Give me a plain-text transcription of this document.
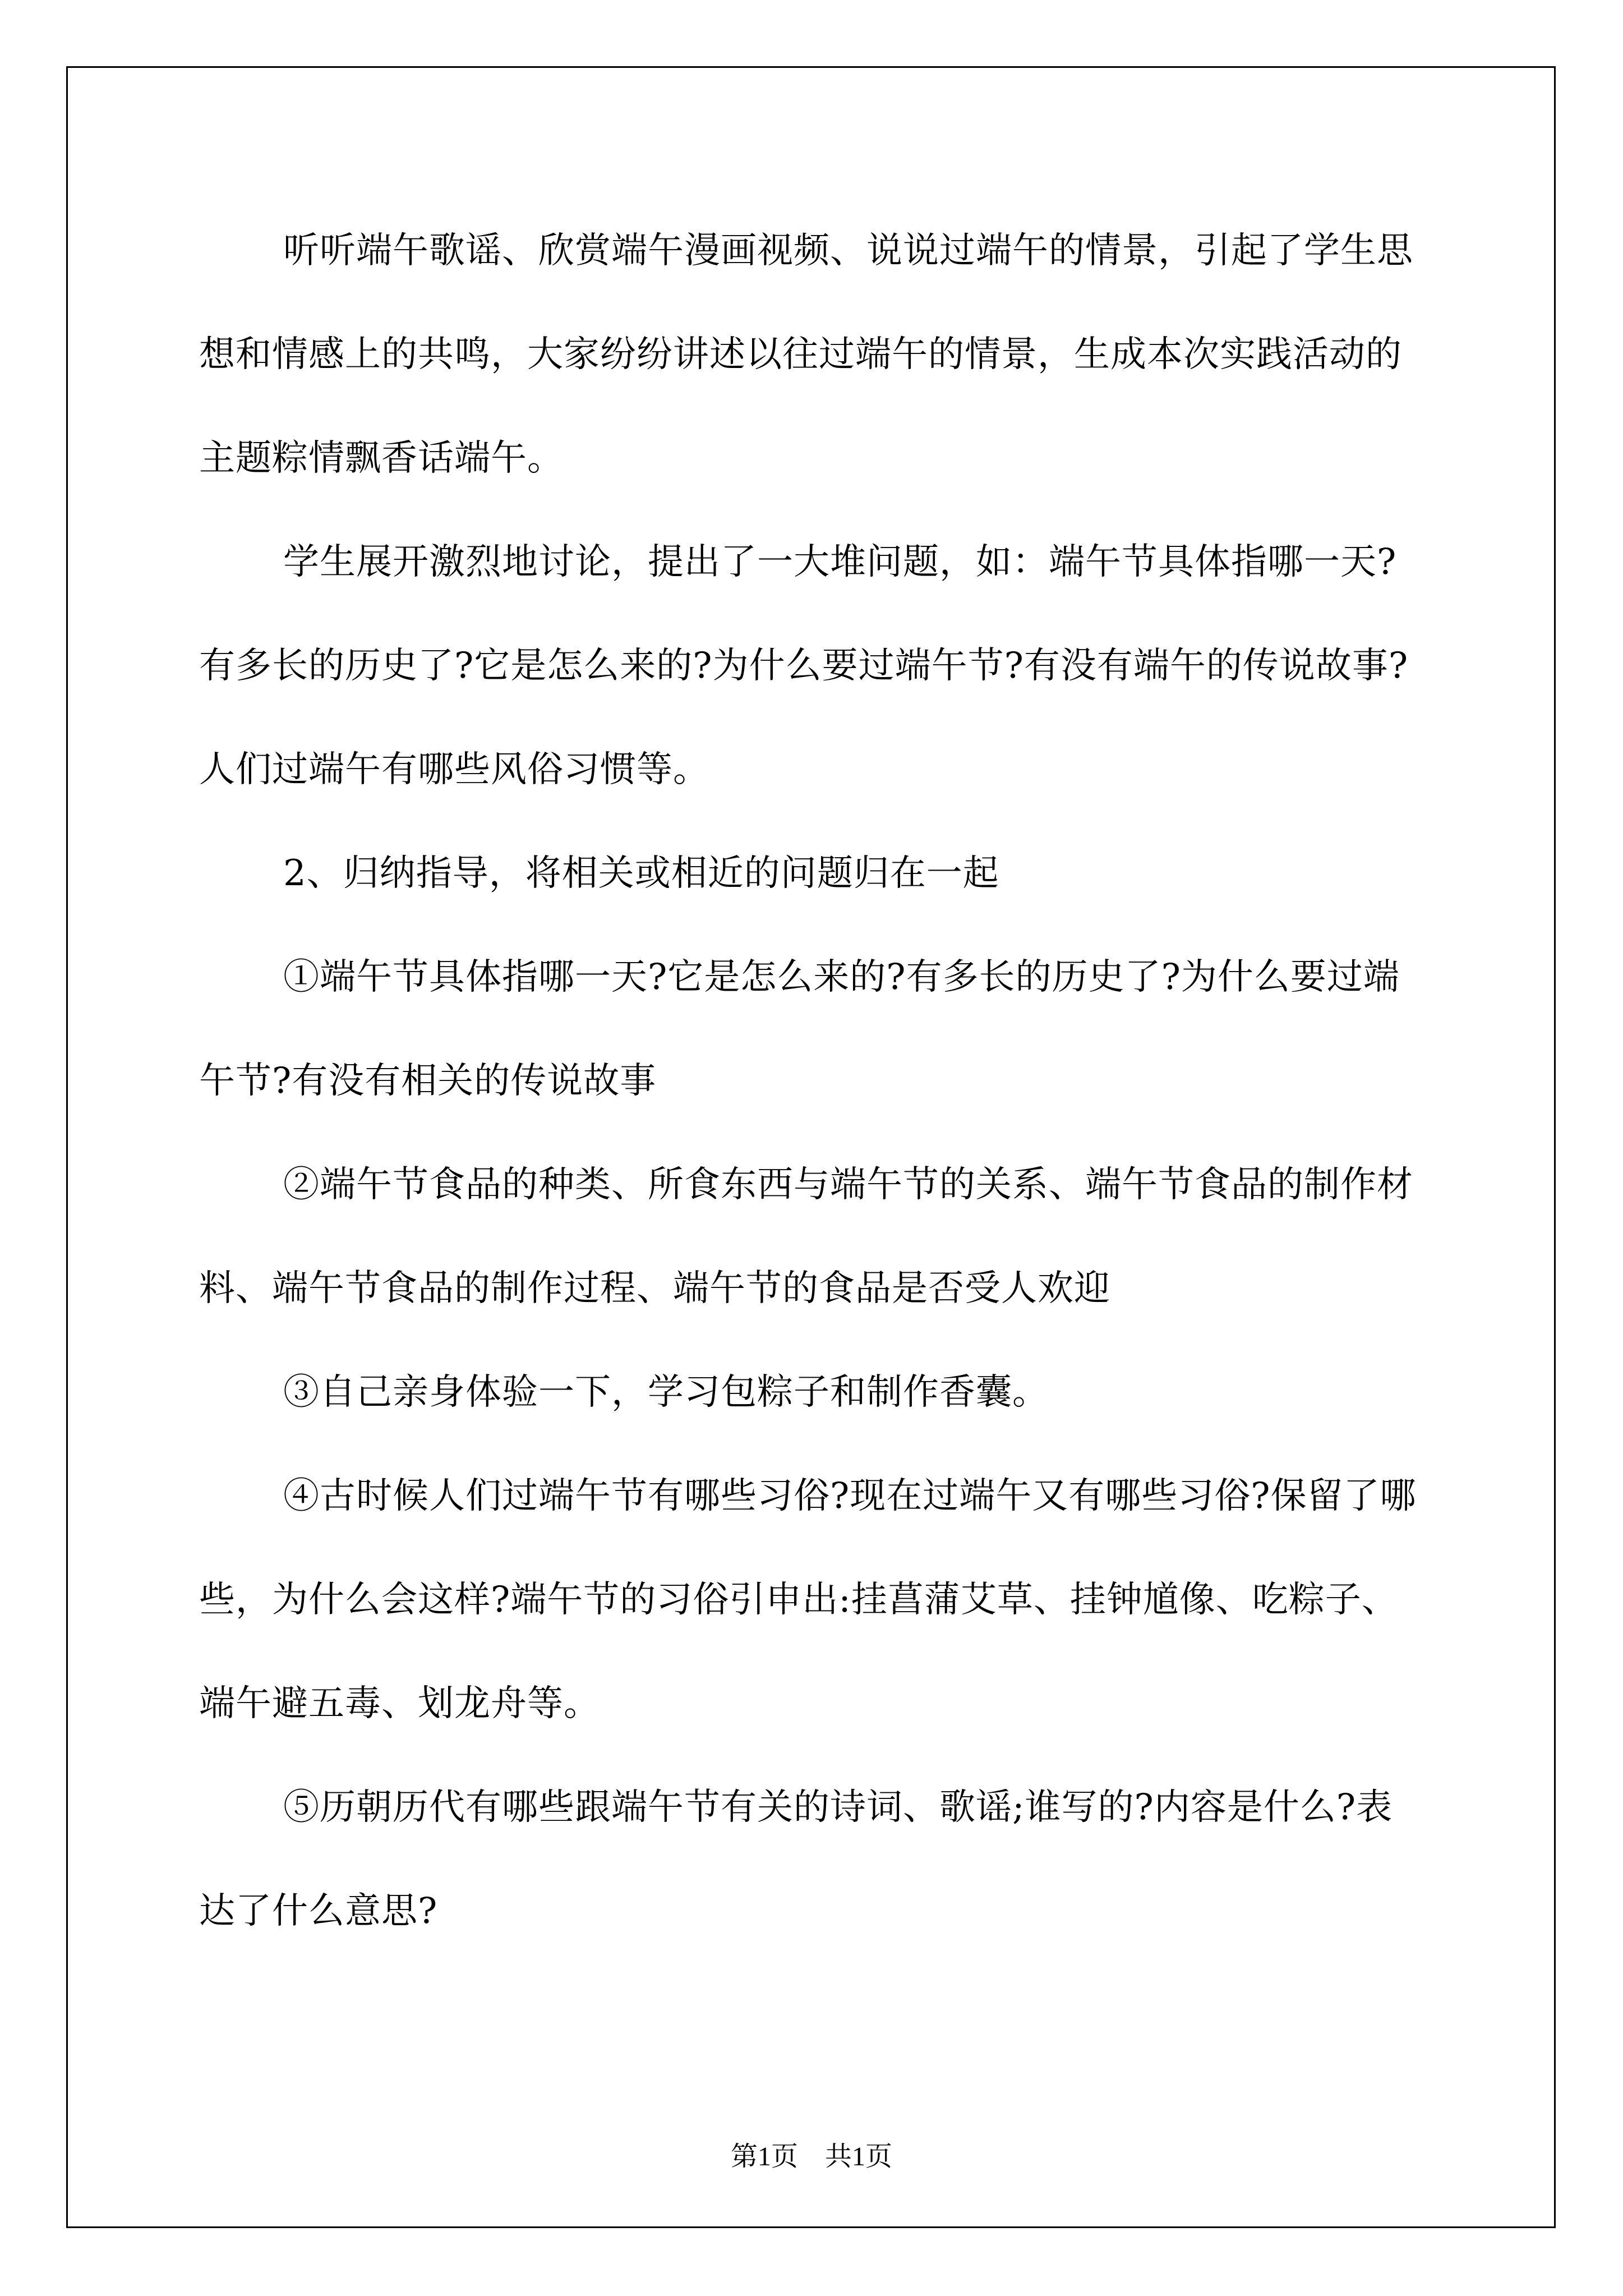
听听端午歌谣、欣赏端午漫画视频、说说过端午的情景，引起了学生思想和情感上的共鸣，大家纷纷讲述以往过端午的情景，生成本次实践活动的主题粽情飘香话端午。

学生展开激烈地讨论，提出了一大堆问题，如：端午节具体指哪一天?有多长的历史了?它是怎么来的?为什么要过端午节?有没有端午的传说故事?人们过端午有哪些风俗习惯等。

2、归纳指导，将相关或相近的问题归在一起

①端午节具体指哪一天?它是怎么来的?有多长的历史了?为什么要过端午节?有没有相关的传说故事

②端午节食品的种类、所食东西与端午节的关系、端午节食品的制作材料、端午节食品的制作过程、端午节的食品是否受人欢迎

③自己亲身体验一下，学习包粽子和制作香囊。

④古时候人们过端午节有哪些习俗?现在过端午又有哪些习俗?保留了哪些，为什么会这样?端午节的习俗引申出:挂菖蒲艾草、挂钟馗像、吃粽子、端午避五毒、划龙舟等。

⑤历朝历代有哪些跟端午节有关的诗词、歌谣;谁写的?内容是什么?表达了什么意思?

第1页 共1页
